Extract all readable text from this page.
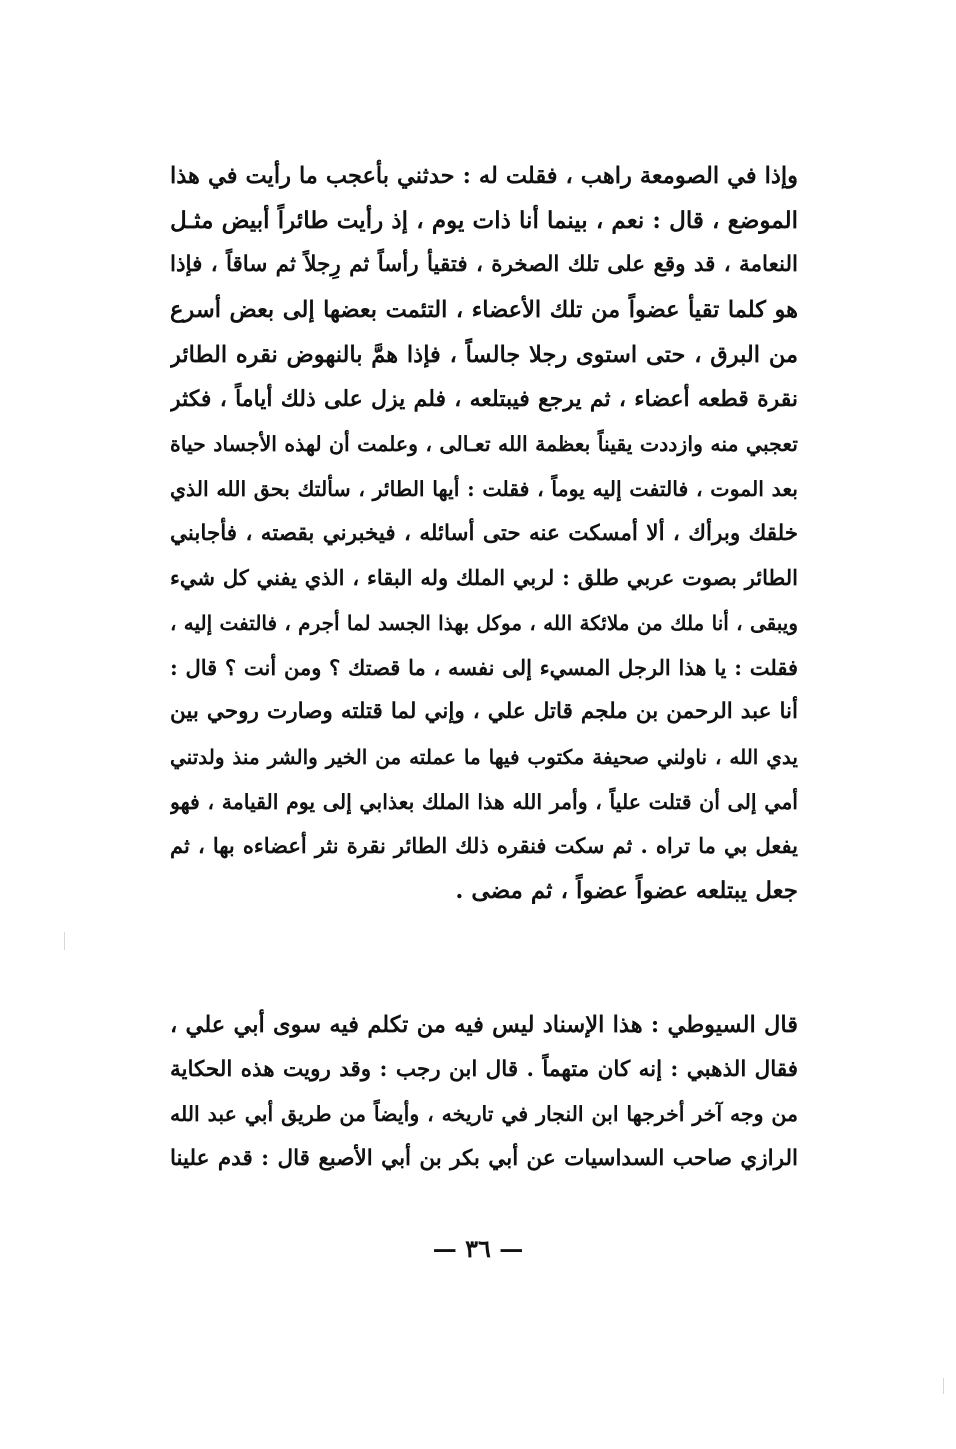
وإذا في الصومعة راهب ، فقلت له : حدثني بأعجب ما رأيت في هذا
الموضع ، قال : نعم ، بينما أنا ذات يوم ، إذ رأيت طائراً أبيض مثـل
النعامة ، قد وقع على تلك الصخرة ، فتقيأ رأساً ثم رِجلاً ثم ساقاً ، فإذا
هو كلما تقيأ عضواً من تلك الأعضاء ، التئمت بعضها إلى بعض أسرع
من البرق ، حتى استوى رجلا جالساً ، فإذا همَّ بالنهوض نقره الطائر
نقرة قطعه أعضاء ، ثم يرجع فيبتلعه ، فلم يزل على ذلك أياماً ، فكثر
تعجبي منه وازددت يقيناً بعظمة الله تعـالى ، وعلمت أن لهذه الأجساد حياة
بعد الموت ، فالتفت إليه يوماً ، فقلت : أيها الطائر ، سألتك بحق الله الذي
خلقك وبرأك ، ألا أمسكت عنه حتى أسائله ، فيخبرني بقصته ، فأجابني
الطائر بصوت عربي طلق : لربي الملك وله البقاء ، الذي يفني كل شيء
ويبقى ، أنا ملك من ملائكة الله ، موكل بهذا الجسد لما أجرم ، فالتفت إليه ،
فقلت : يا هذا الرجل المسيء إلى نفسه ، ما قصتك ؟ ومن أنت ؟ قال :
أنا عبد الرحمن بن ملجم قاتل علي ، وإني لما قتلته وصارت روحي بين
يدي الله ، ناولني صحيفة مكتوب فيها ما عملته من الخير والشر منذ ولدتني
أمي إلى أن قتلت علياً ، وأمر الله هذا الملك بعذابي إلى يوم القيامة ، فهو
يفعل بي ما تراه . ثم سكت فنقره ذلك الطائر نقرة نثر أعضاءه بها ، ثم
جعل يبتلعه عضواً عضواً ، ثم مضى .
قال السيوطي : هذا الإسناد ليس فيه من تكلم فيه سوى أبي علي ،
فقال الذهبي : إنه كان متهماً . قال ابن رجب : وقد رويت هذه الحكاية
من وجه آخر أخرجها ابن النجار في تاريخه ، وأيضاً من طريق أبي عبد الله
الرازي صاحب السداسيات عن أبي بكر بن أبي الأصبع قال : قدم علينا
— ٣٦ —
